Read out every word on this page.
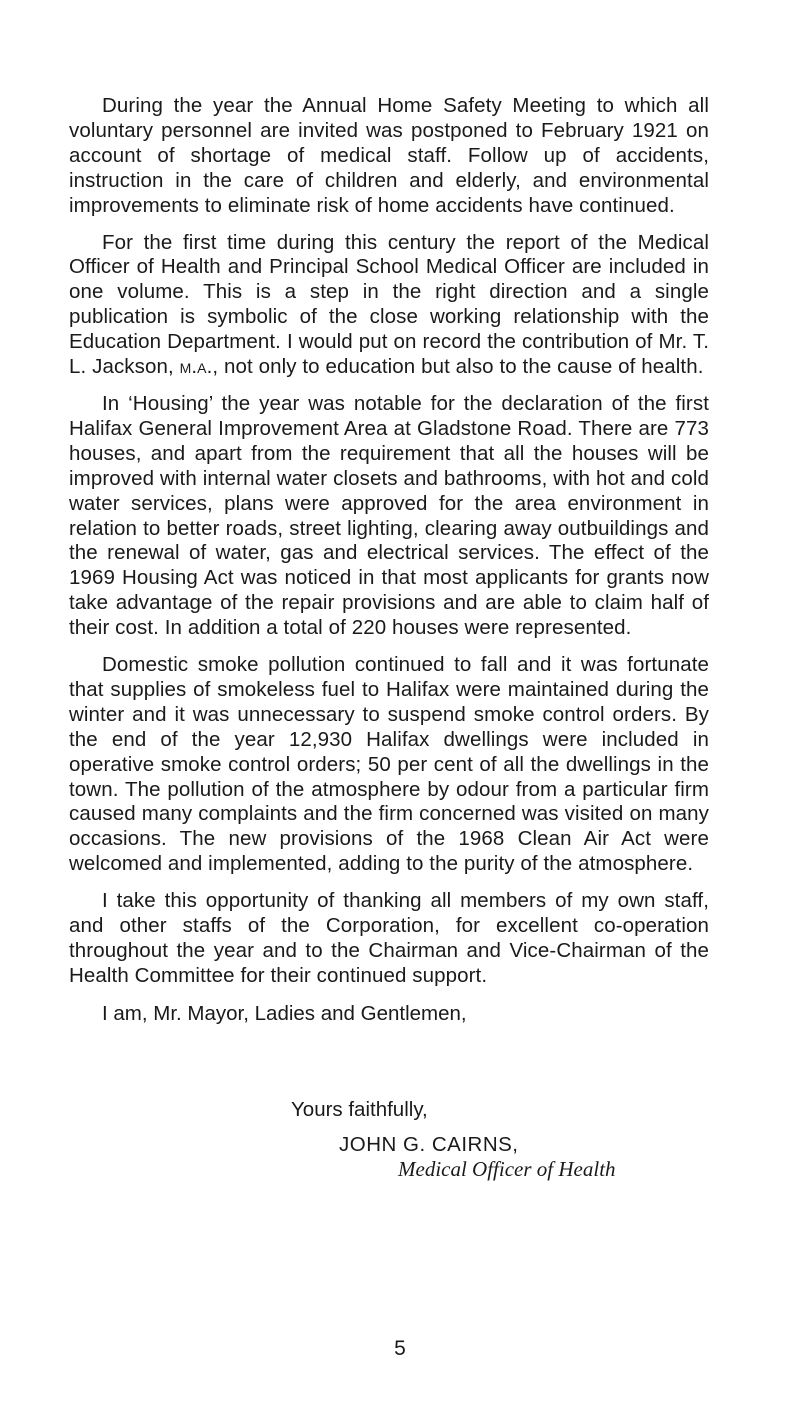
During the year the Annual Home Safety Meeting to which all voluntary personnel are invited was postponed to February 1921 on account of shortage of medical staff. Follow up of accidents, instruction in the care of children and elderly, and environmental improvements to eliminate risk of home accidents have continued.

For the first time during this century the report of the Medical Officer of Health and Principal School Medical Officer are included in one volume. This is a step in the right direction and a single publication is symbolic of the close working relationship with the Education Department. I would put on record the contribution of Mr. T. L. Jackson, m.a., not only to education but also to the cause of health.

In ‘Housing’ the year was notable for the declaration of the first Halifax General Improvement Area at Gladstone Road. There are 773 houses, and apart from the requirement that all the houses will be improved with internal water closets and bathrooms, with hot and cold water services, plans were approved for the area environment in relation to better roads, street lighting, clearing away outbuildings and the renewal of water, gas and electrical services. The effect of the 1969 Housing Act was noticed in that most applicants for grants now take advantage of the repair provisions and are able to claim half of their cost. In addition a total of 220 houses were represented.

Domestic smoke pollution continued to fall and it was fortunate that supplies of smokeless fuel to Halifax were maintained during the winter and it was unnecessary to suspend smoke control orders. By the end of the year 12,930 Halifax dwellings were included in operative smoke control orders; 50 per cent of all the dwellings in the town. The pollution of the atmosphere by odour from a particular firm caused many complaints and the firm concerned was visited on many occasions. The new provisions of the 1968 Clean Air Act were welcomed and implemented, adding to the purity of the atmosphere.

I take this opportunity of thanking all members of my own staff, and other staffs of the Corporation, for excellent co-operation throughout the year and to the Chairman and Vice-Chairman of the Health Committee for their continued support.

I am, Mr. Mayor, Ladies and Gentlemen,

Yours faithfully,
JOHN G. CAIRNS,
Medical Officer of Health
5
